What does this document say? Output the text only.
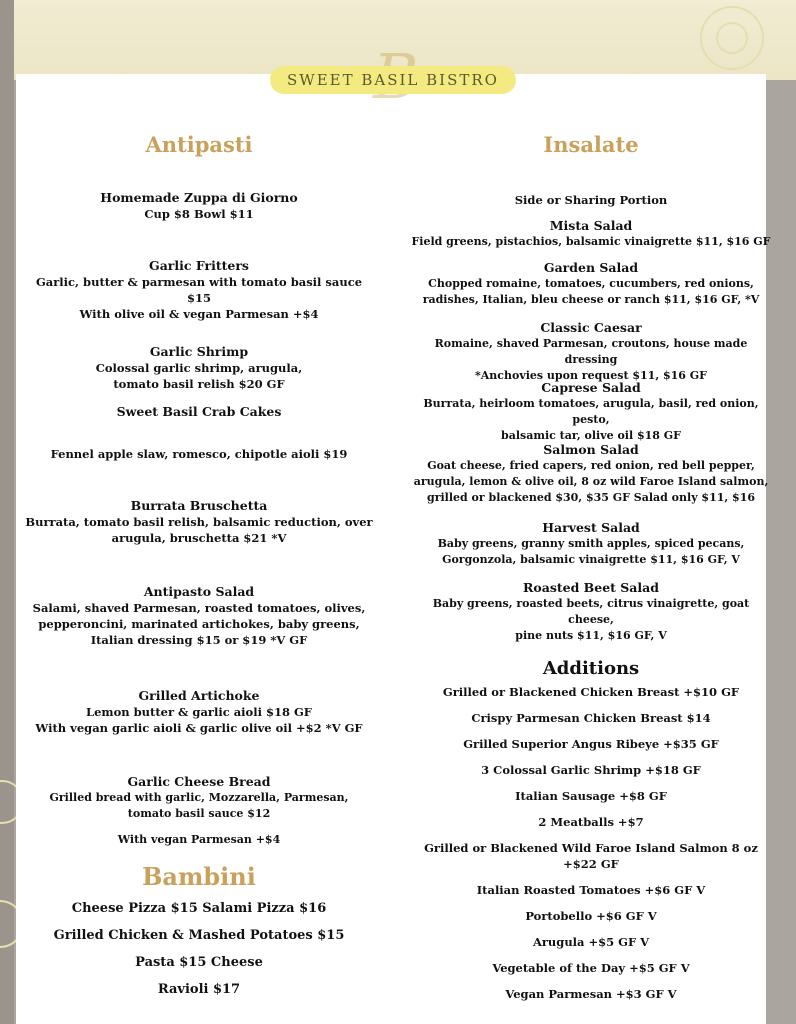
SWEET BASIL BISTRO
Antipasti
Homemade Zuppa di Giorno
Cup $8 Bowl $11
Garlic Fritters
Garlic, butter & parmesan with tomato basil sauce $15
With olive oil & vegan Parmesan +$4
Garlic Shrimp
Colossal garlic shrimp, arugula,
tomato basil relish $20 GF
Sweet Basil Crab Cakes
Fennel apple slaw, romesco, chipotle aioli $19
Burrata Bruschetta
Burrata, tomato basil relish, balsamic reduction, over
arugula, bruschetta $21 *V
Antipasto Salad
Salami, shaved Parmesan, roasted tomatoes, olives,
pepperoncini, marinated artichokes, baby greens,
Italian dressing $15 or $19 *V GF
Grilled Artichoke
Lemon butter & garlic aioli $18 GF
With vegan garlic aioli & garlic olive oil +$2 *V GF
Garlic Cheese Bread
Grilled bread with garlic, Mozzarella, Parmesan,
tomato basil sauce $12
With vegan Parmesan +$4
Bambini
Cheese Pizza $15 Salami Pizza $16
Grilled Chicken & Mashed Potatoes $15
Pasta $15 Cheese
Ravioli $17
Insalate
Side or Sharing Portion
Mista Salad
Field greens, pistachios, balsamic vinaigrette $11, $16 GF
Garden Salad
Chopped romaine, tomatoes, cucumbers, red onions,
radishes, Italian, bleu cheese or ranch $11, $16 GF, *V
Classic Caesar
Romaine, shaved Parmesan, croutons, house made dressing
*Anchovies upon request $11, $16 GF
Caprese Salad
Burrata, heirloom tomatoes, arugula, basil, red onion, pesto,
balsamic tar, olive oil $18 GF
Salmon Salad
Goat cheese, fried capers, red onion, red bell pepper,
arugula, lemon & olive oil, 8 oz wild Faroe Island salmon,
grilled or blackened $30, $35 GF Salad only $11, $16
Harvest Salad
Baby greens, granny smith apples, spiced pecans,
Gorgonzola, balsamic vinaigrette $11, $16 GF, V
Roasted Beet Salad
Baby greens, roasted beets, citrus vinaigrette, goat cheese,
pine nuts $11, $16 GF, V
Additions
Grilled or Blackened Chicken Breast +$10 GF
Crispy Parmesan Chicken Breast $14
Grilled Superior Angus Ribeye +$35 GF
3 Colossal Garlic Shrimp +$18 GF
Italian Sausage +$8 GF
2 Meatballs +$7
Grilled or Blackened Wild Faroe Island Salmon 8 oz +$22 GF
Italian Roasted Tomatoes +$6 GF V
Portobello +$6 GF V
Arugula +$5 GF V
Vegetable of the Day +$5 GF V
Vegan Parmesan +$3 GF V
